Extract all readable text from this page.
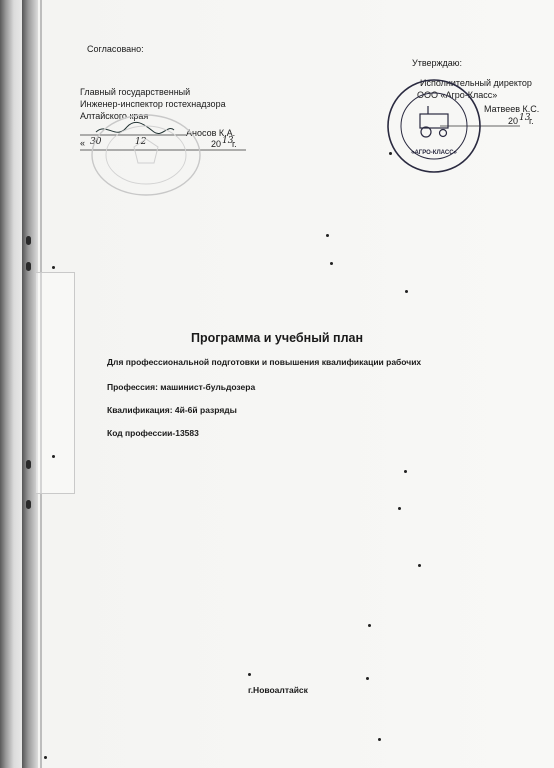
Согласовано:
Главный государственный
Инженер-инспектор гостехнадзора
Алтайского края
Аносов К.А.
« 30	12	20 13
г.
Утверждаю:
Исполнительный директор
ООО «Агро-Класс»
Матвеев К.С.
20 13
г.
«АГРО-КЛАСС»
Программа и учебный план
Для профессиональной подготовки и повышения квалификации рабочих
Профессия: машинист-бульдозера
Квалификация: 4й-6й разряды
Код профессии-13583
г.Новоалтайск
